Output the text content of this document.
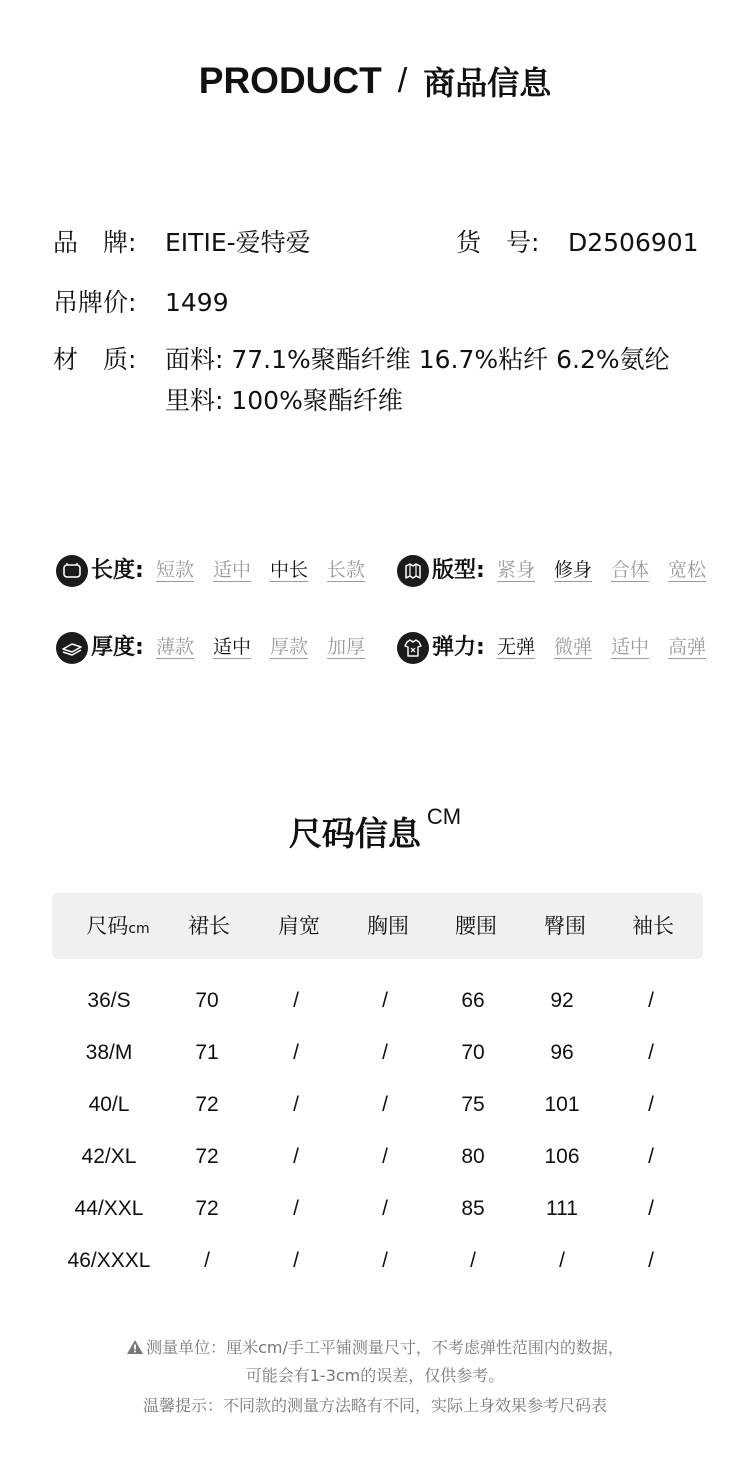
PRODUCT / 商品信息
品　牌: EITIE-爱特爱	货　号: D2506901
吊牌价: 1499
材　质: 面料: 77.1%聚酯纤维 16.7%粘纤 6.2%氨纶
里料: 100%聚酯纤维
长度: 短款 适中 中长 长款	版型: 紧身 修身 合体 宽松
厚度: 薄款 适中 厚款 加厚	弹力: 无弹 微弹 适中 高弹
尺码信息 CM
尺码cm	裙长	肩宽	胸围	腰围	臀围	袖长
36/S	70	/	/	66	92	/
38/M	71	/	/	70	96	/
40/L	72	/	/	75	101	/
42/XL	72	/	/	80	106	/
44/XXL	72	/	/	85	111	/
46/XXXL	/	/	/	/	/	/
测量单位：厘米cm/手工平铺测量尺寸，不考虑弹性范围内的数据，
可能会有1-3cm的误差，仅供参考。
温馨提示：不同款的测量方法略有不同，实际上身效果参考尺码表
